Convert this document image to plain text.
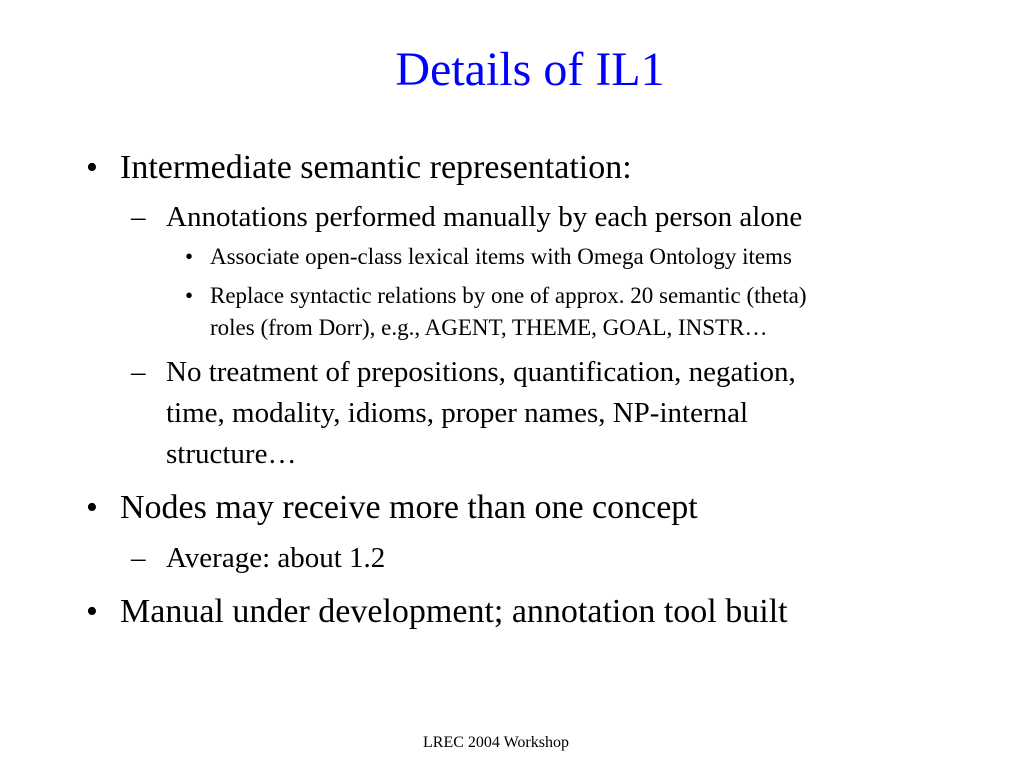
Details of IL1
• Intermediate semantic representation:
– Annotations performed manually by each person alone
• Associate open-class lexical items with Omega Ontology items
• Replace syntactic relations by one of approx. 20 semantic (theta)
roles (from Dorr), e.g., AGENT, THEME, GOAL, INSTR…
– No treatment of prepositions, quantification, negation,
time, modality, idioms, proper names, NP-internal
structure…
• Nodes may receive more than one concept
– Average: about 1.2
• Manual under development; annotation tool built
LREC 2004 Workshop
